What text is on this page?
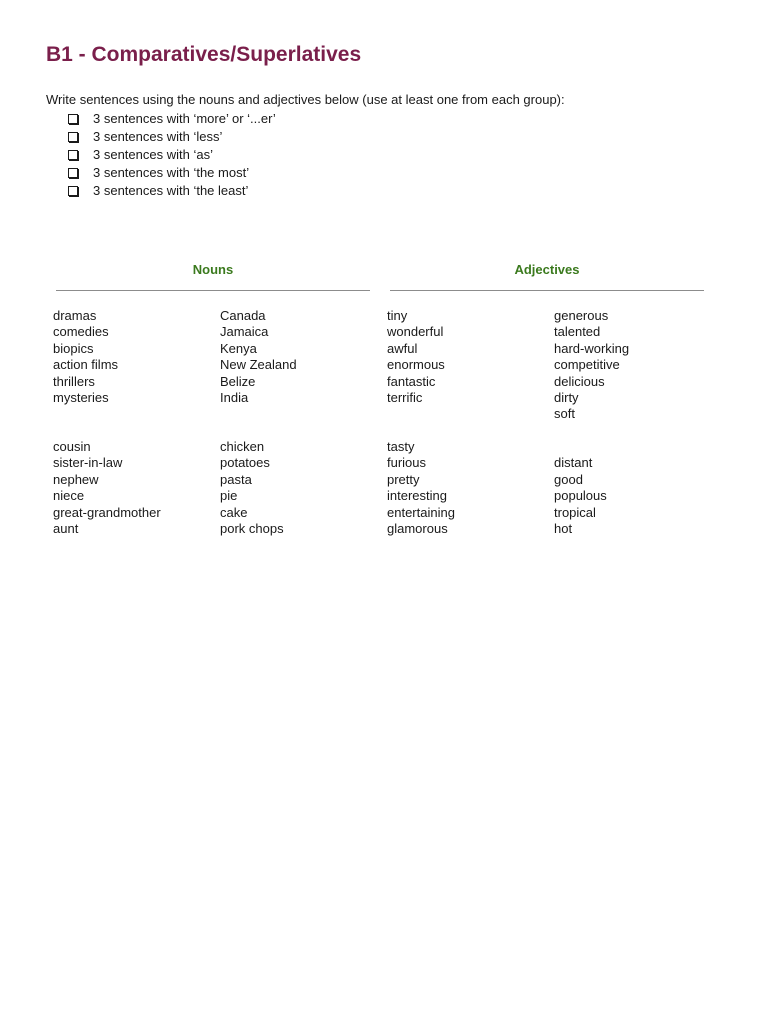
B1 - Comparatives/Superlatives
Write sentences using the nouns and adjectives below (use at least one from each group):
3 sentences with ‘more’ or ‘...er’
3 sentences with ‘less’
3 sentences with ‘as’
3 sentences with ‘the most’
3 sentences with ‘the least’
Nouns	Adjectives
dramas
comedies
biopics
action films
thrillers
mysteries
Canada
Jamaica
Kenya
New Zealand
Belize
India
tiny
wonderful
awful
enormous
fantastic
terrific
generous
talented
hard-working
competitive
delicious
dirty
soft
cousin
sister-in-law
nephew
niece
great-grandmother
aunt
chicken
potatoes
pasta
pie
cake
pork chops
tasty
furious
pretty
interesting
entertaining
glamorous
distant
good
populous
tropical
hot
